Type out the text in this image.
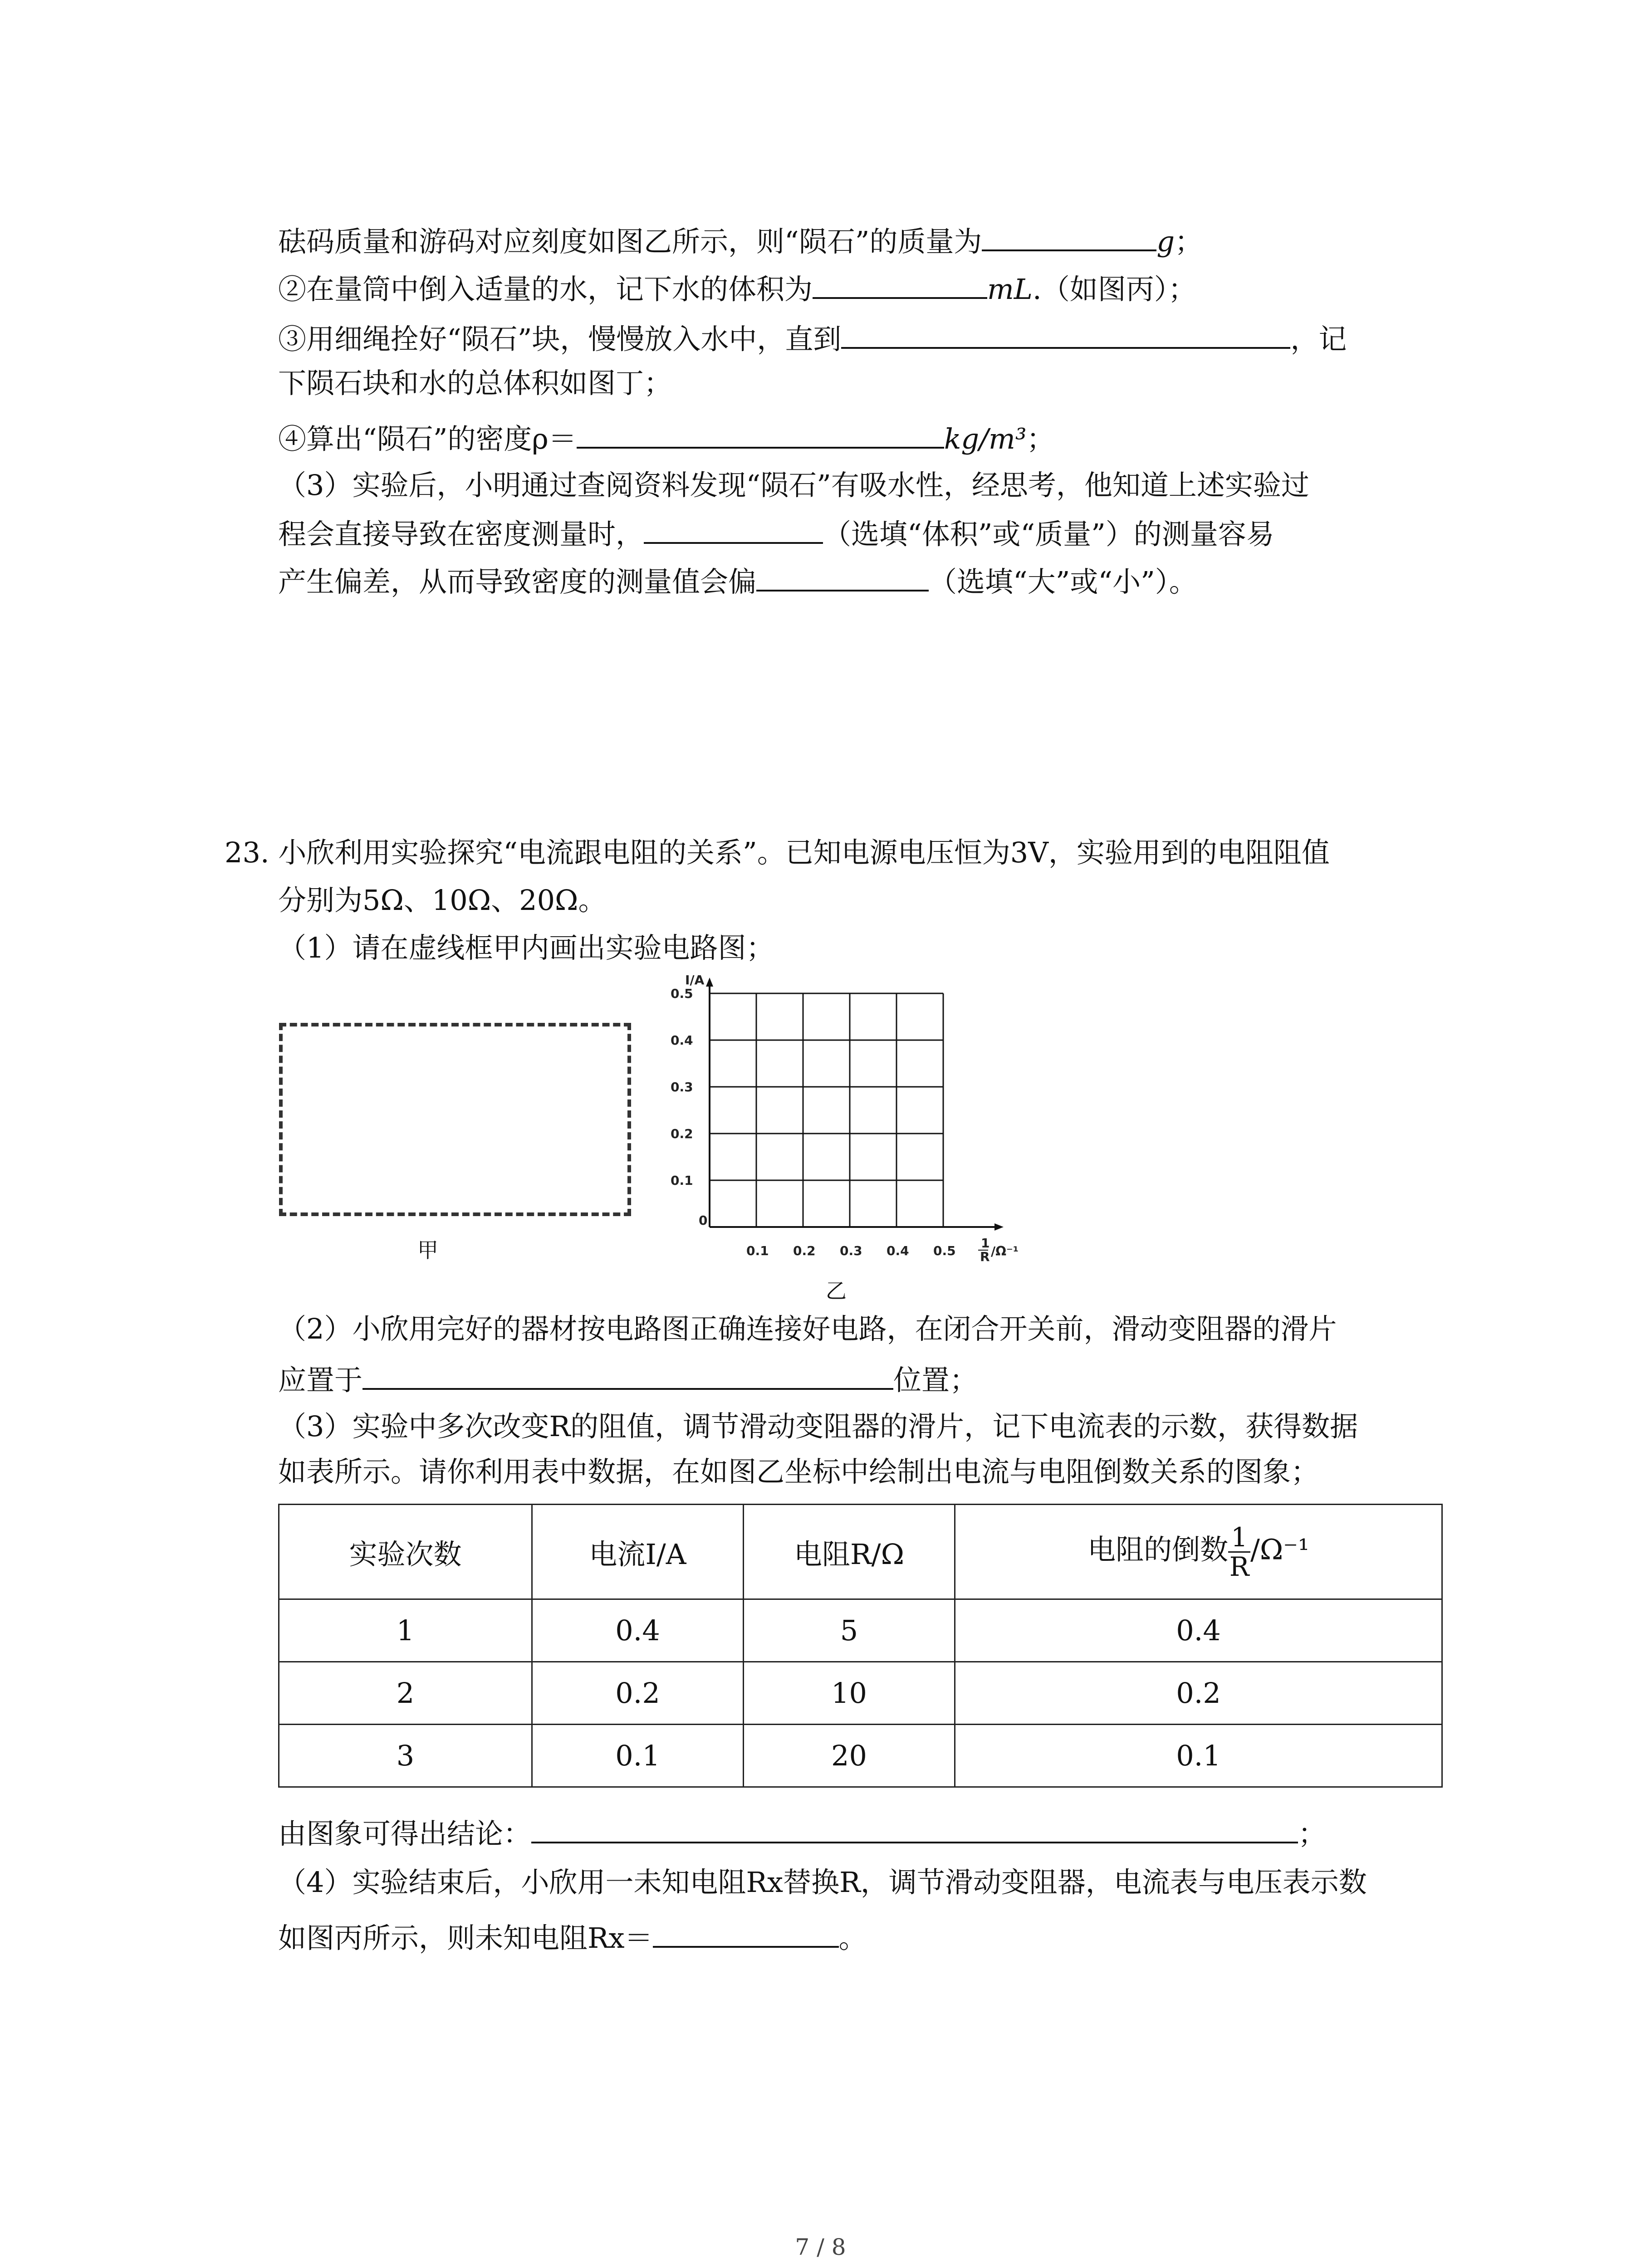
砝码质量和游码对应刻度如图乙所示，则“陨石”的质量为	g；
②在量筒中倒入适量的水，记下水的体积为	mL.（如图丙）；
③用细绳拴好“陨石”块，慢慢放入水中，直到	，记
下陨石块和水的总体积如图丁；
④算出“陨石”的密度ρ＝	kg/m³；
（3）实验后，小明通过查阅资料发现“陨石”有吸水性，经思考，他知道上述实验过
程会直接导致在密度测量时，	（选填“体积”或“质量”）的测量容易
产生偏差，从而导致密度的测量值会偏	（选填“大”或“小”）。
23. 小欣利用实验探究“电流跟电阻的关系”。已知电源电压恒为3V，实验用到的电阻阻值
分别为5Ω、10Ω、20Ω。
（1）请在虚线框甲内画出实验电路图；
甲
I/A
0
0.5
0.4
0.3
0.2
0.1
0.1 0.2 0.3 0.4 0.5
1
R /Ω⁻¹
乙
（2）小欣用完好的器材按电路图正确连接好电路，在闭合开关前，滑动变阻器的滑片
应置于	位置；
（3）实验中多次改变R的阻值，调节滑动变阻器的滑片，记下电流表的示数，获得数据
如表所示。请你利用表中数据，在如图乙坐标中绘制出电流与电阻倒数关系的图象；
实验次数	电流I/A	电阻R/Ω	电阻的倒数 $\frac{1}{R} /\Omega^{-1}$
1	0.4	5	0.4
2	0.2	10	0.2
3	0.1	20	0.1
由图象可得出结论：	；
（4）实验结束后，小欣用一未知电阻Rx替换R，调节滑动变阻器，电流表与电压表示数
如图丙所示，则未知电阻Rx＝	。
7 / 8
